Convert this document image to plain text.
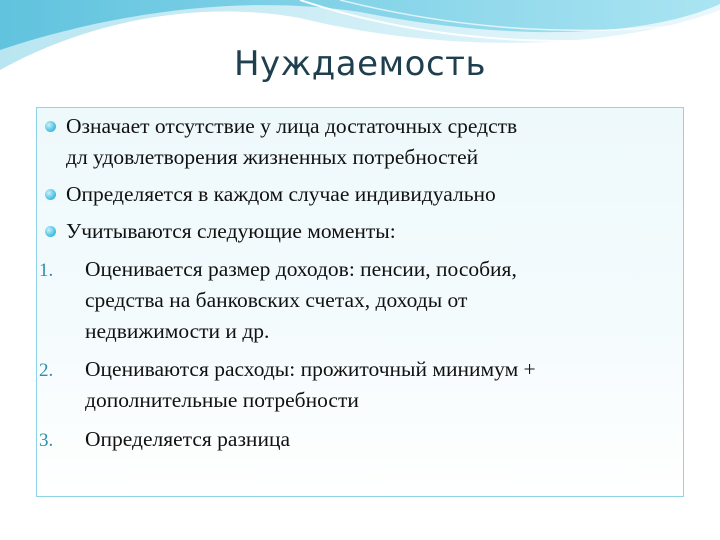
Нуждаемость
Означает отсутствие у лица достаточных средств
дл удовлетворения жизненных потребностей
Определяется в каждом случае индивидуально
Учитываются следующие моменты:
1. Оценивается размер доходов: пенсии, пособия,
средства на банковских счетах, доходы от
недвижимости и др.
2. Оцениваются расходы: прожиточный минимум +
дополнительные потребности
3. Определяется разница
